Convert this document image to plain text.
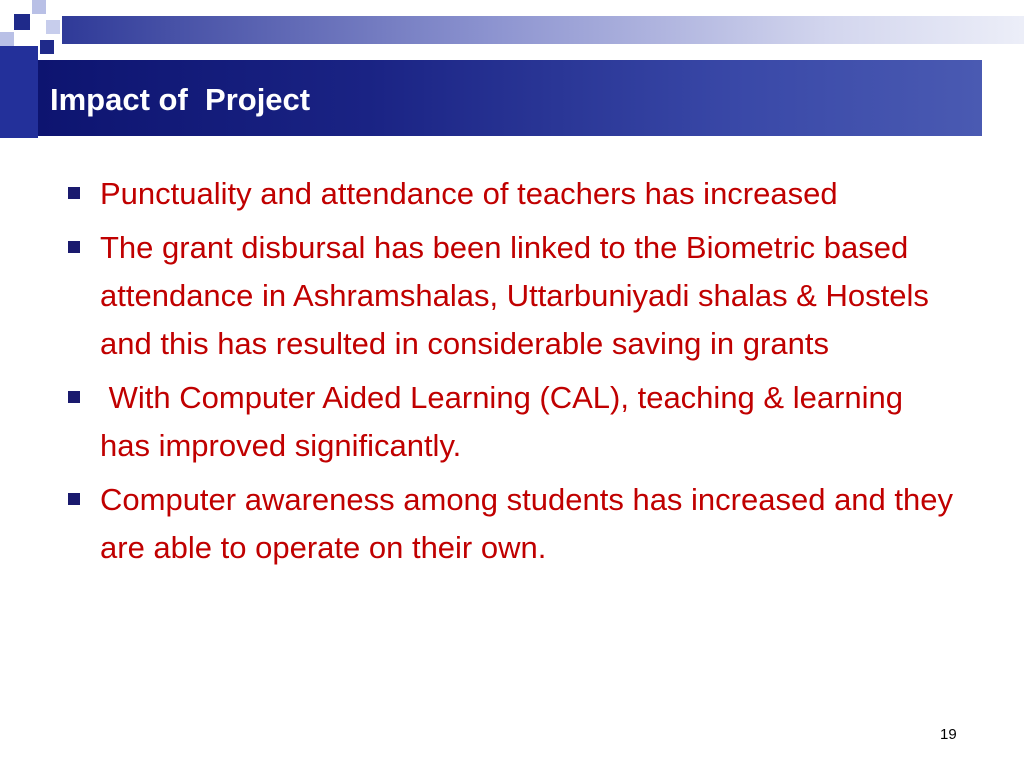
Impact of  Project
Punctuality and attendance of teachers has increased
The grant disbursal has been linked to the Biometric based attendance in Ashramshalas, Uttarbuniyadi shalas & Hostels and this has resulted in considerable saving in grants
With Computer Aided Learning (CAL), teaching & learning has improved significantly.
Computer awareness among students has increased and they are able to operate on their own.
19
